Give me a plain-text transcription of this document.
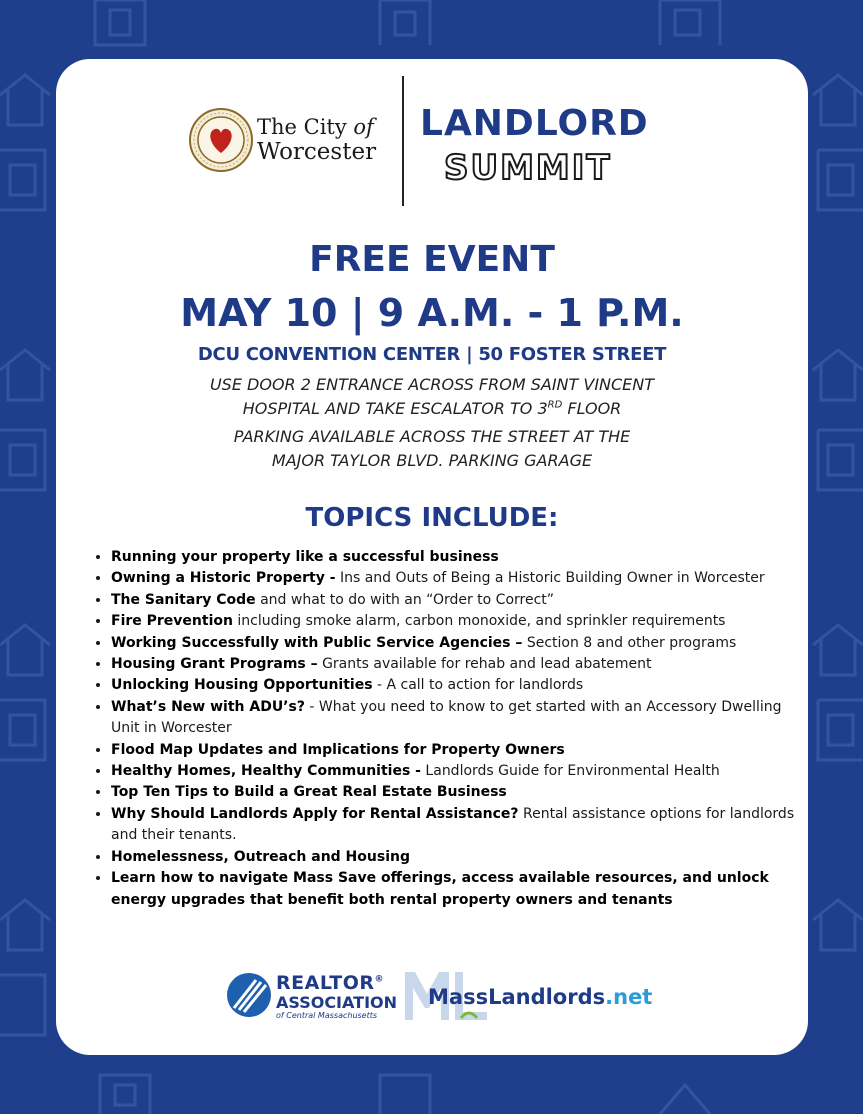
The City of
Worcester
LANDLORD
SUMMIT
FREE EVENT
MAY 10 | 9 A.M. - 1 P.M.
DCU CONVENTION CENTER | 50 FOSTER STREET
USE DOOR 2 ENTRANCE ACROSS FROM SAINT VINCENT
HOSPITAL AND TAKE ESCALATOR TO 3RD FLOOR
PARKING AVAILABLE ACROSS THE STREET AT THE
MAJOR TAYLOR BLVD. PARKING GARAGE
TOPICS INCLUDE:
• Running your property like a successful business
• Owning a Historic Property - Ins and Outs of Being a Historic Building Owner in Worcester
• The Sanitary Code and what to do with an “Order to Correct”
• Fire Prevention including smoke alarm, carbon monoxide, and sprinkler requirements
• Working Successfully with Public Service Agencies – Section 8 and other programs
• Housing Grant Programs – Grants available for rehab and lead abatement
• Unlocking Housing Opportunities - A call to action for landlords
• What’s New with ADU’s? - What you need to know to get started with an Accessory Dwelling Unit in Worcester
• Flood Map Updates and Implications for Property Owners
• Healthy Homes, Healthy Communities - Landlords Guide for Environmental Health
• Top Ten Tips to Build a Great Real Estate Business
• Why Should Landlords Apply for Rental Assistance? Rental assistance options for landlords and their tenants.
• Homelessness, Outreach and Housing
• Learn how to navigate Mass Save offerings, access available resources, and unlock energy upgrades that benefit both rental property owners and tenants
REALTOR®
ASSOCIATION
of Central Massachusetts
MassLandlords.net
